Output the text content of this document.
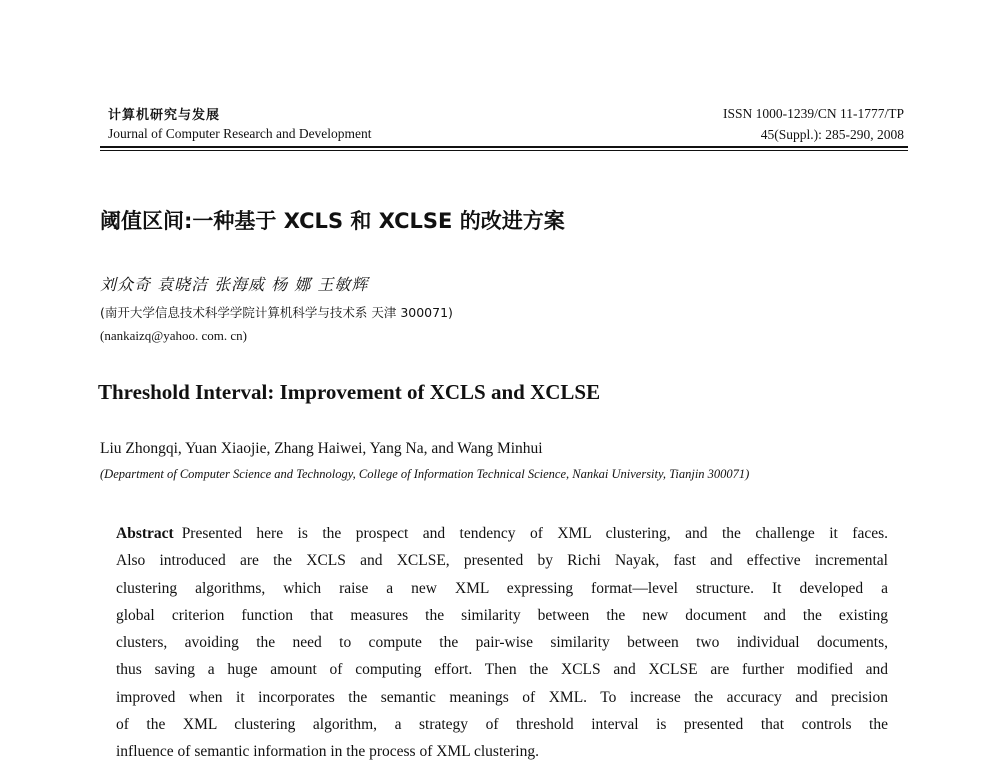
计算机研究与发展
Journal of Computer Research and Development
ISSN 1000-1239/CN 11-1777/TP
45(Suppl.): 285-290, 2008
阈值区间:一种基于 XCLS 和 XCLSE 的改进方案
刘众奇 袁晓洁 张海威 杨 娜 王敏辉
(南开大学信息技术科学学院计算机科学与技术系 天津 300071)
(nankaizq@yahoo. com. cn)
Threshold Interval: Improvement of XCLS and XCLSE
Liu Zhongqi, Yuan Xiaojie, Zhang Haiwei, Yang Na, and Wang Minhui
(Department of Computer Science and Technology, College of Information Technical Science, Nankai University, Tianjin 300071)
Abstract Presented here is the prospect and tendency of XML clustering, and the challenge it faces.
Also introduced are the XCLS and XCLSE, presented by Richi Nayak, fast and effective incremental
clustering algorithms, which raise a new XML expressing format—level structure. It developed a
global criterion function that measures the similarity between the new document and the existing
clusters, avoiding the need to compute the pair-wise similarity between two individual documents,
thus saving a huge amount of computing effort. Then the XCLS and XCLSE are further modified and
improved when it incorporates the semantic meanings of XML. To increase the accuracy and precision
of the XML clustering algorithm, a strategy of threshold interval is presented that controls the
influence of semantic information in the process of XML clustering.
